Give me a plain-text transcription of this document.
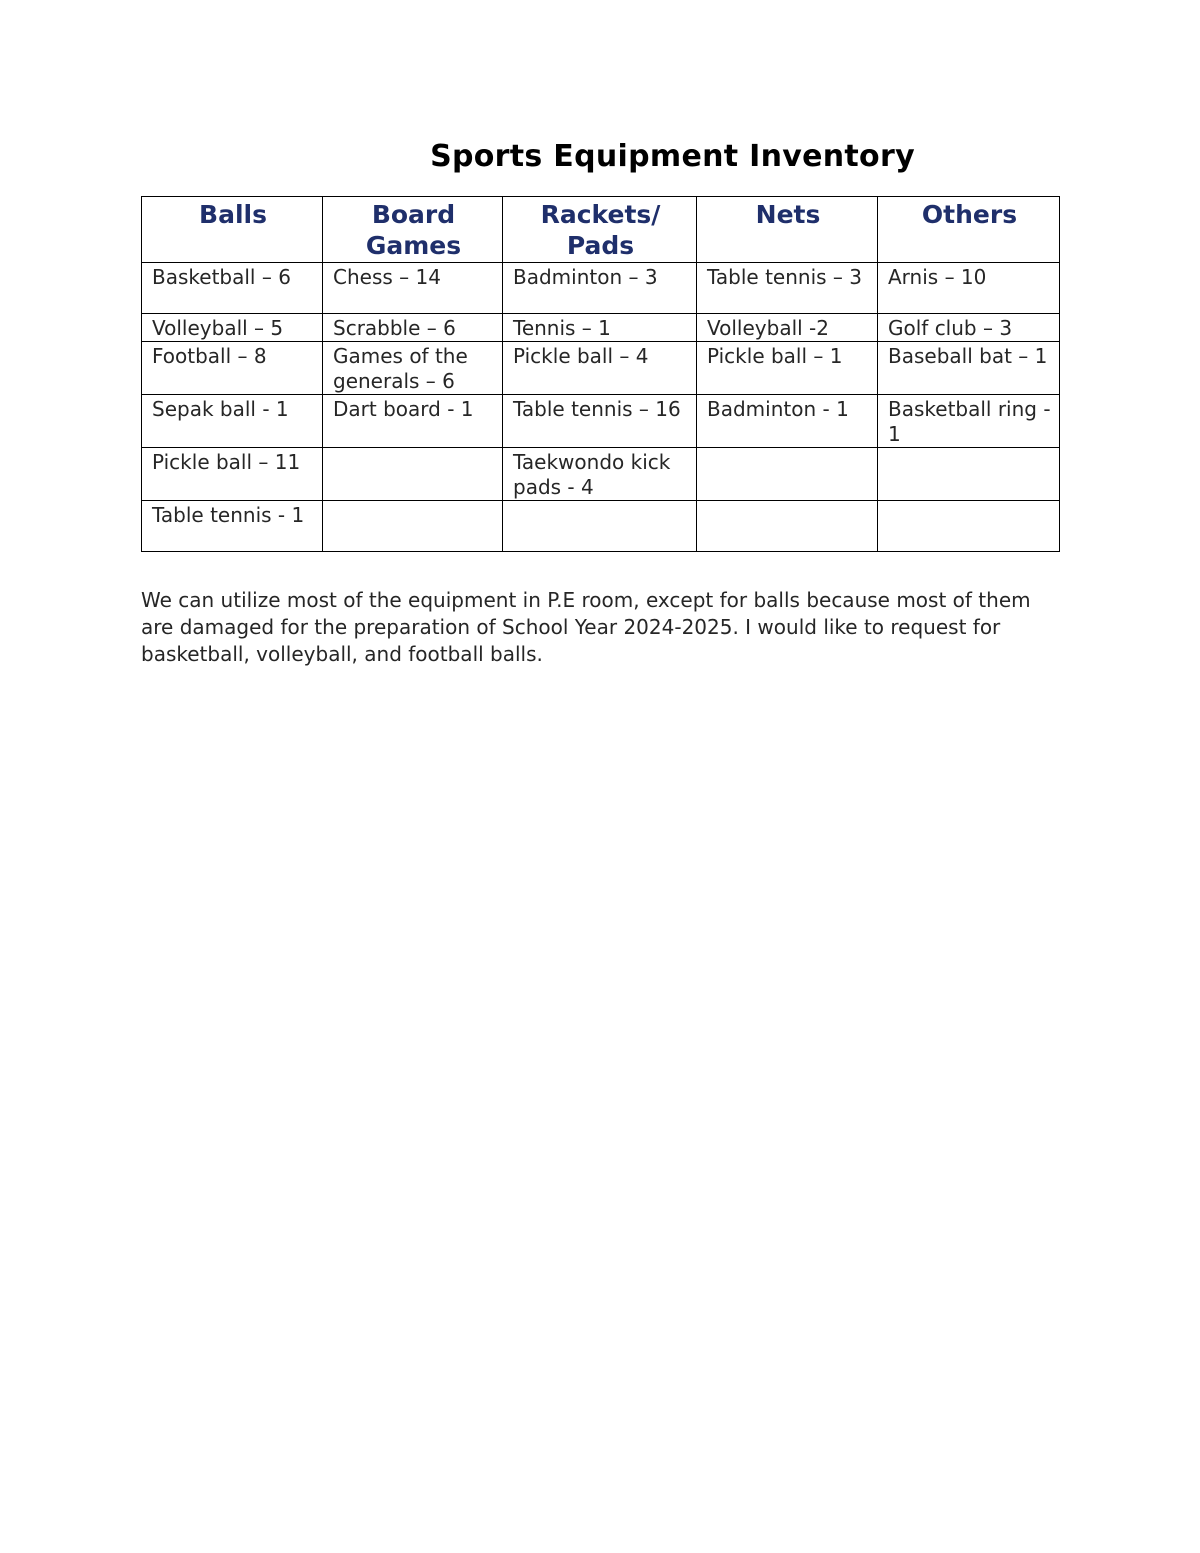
Sports Equipment Inventory
Balls	Board Games	Rackets/ Pads	Nets	Others
Basketball – 6	Chess – 14	Badminton – 3	Table tennis – 3	Arnis – 10
Volleyball – 5	Scrabble – 6	Tennis – 1	Volleyball -2	Golf club – 3
Football – 8	Games of the generals – 6	Pickle ball – 4	Pickle ball – 1	Baseball bat – 1
Sepak ball - 1	Dart board - 1	Table tennis – 16	Badminton - 1	Basketball ring - 1
Pickle ball – 11		Taekwondo kick pads - 4		
Table tennis - 1				

We can utilize most of the equipment in P.E room, except for balls because most of them are damaged for the preparation of School Year 2024-2025. I would like to request for basketball, volleyball, and football balls.
